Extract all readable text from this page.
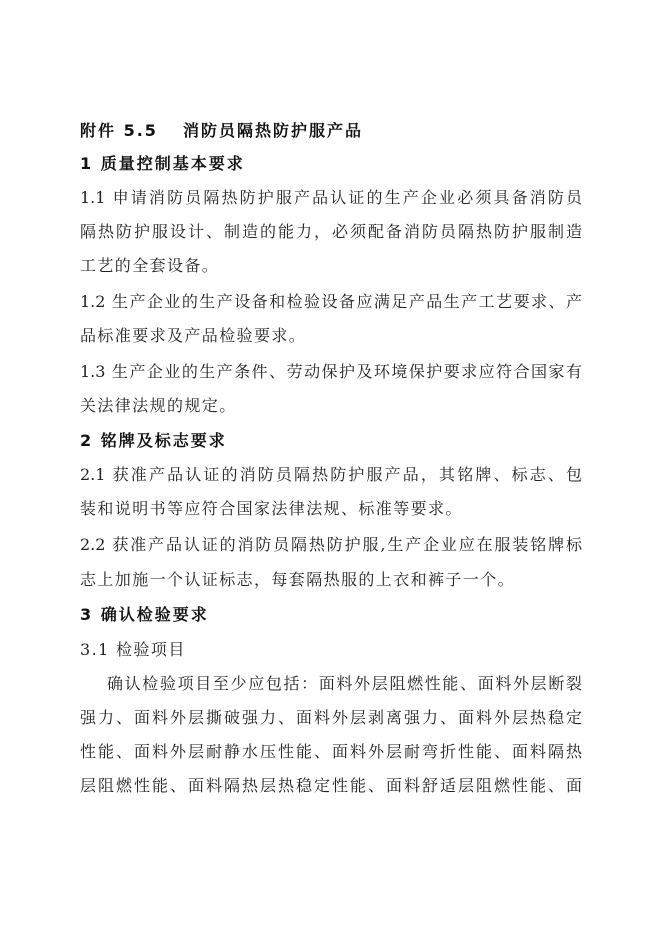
附件 5.5 消防员隔热防护服产品
1 质量控制基本要求
1.1 申请消防员隔热防护服产品认证的生产企业必须具备消防员
隔热防护服设计、制造的能力，必须配备消防员隔热防护服制造
工艺的全套设备。
1.2 生产企业的生产设备和检验设备应满足产品生产工艺要求、产
品标准要求及产品检验要求。
1.3 生产企业的生产条件、劳动保护及环境保护要求应符合国家有
关法律法规的规定。
2 铭牌及标志要求
2.1 获准产品认证的消防员隔热防护服产品，其铭牌、标志、包
装和说明书等应符合国家法律法规、标准等要求。
2.2 获准产品认证的消防员隔热防护服,生产企业应在服装铭牌标
志上加施一个认证标志，每套隔热服的上衣和裤子一个。
3 确认检验要求
3.1 检验项目
确认检验项目至少应包括：面料外层阻燃性能、面料外层断裂
强力、面料外层撕破强力、面料外层剥离强力、面料外层热稳定
性能、面料外层耐静水压性能、面料外层耐弯折性能、面料隔热
层阻燃性能、面料隔热层热稳定性能、面料舒适层阻燃性能、面
